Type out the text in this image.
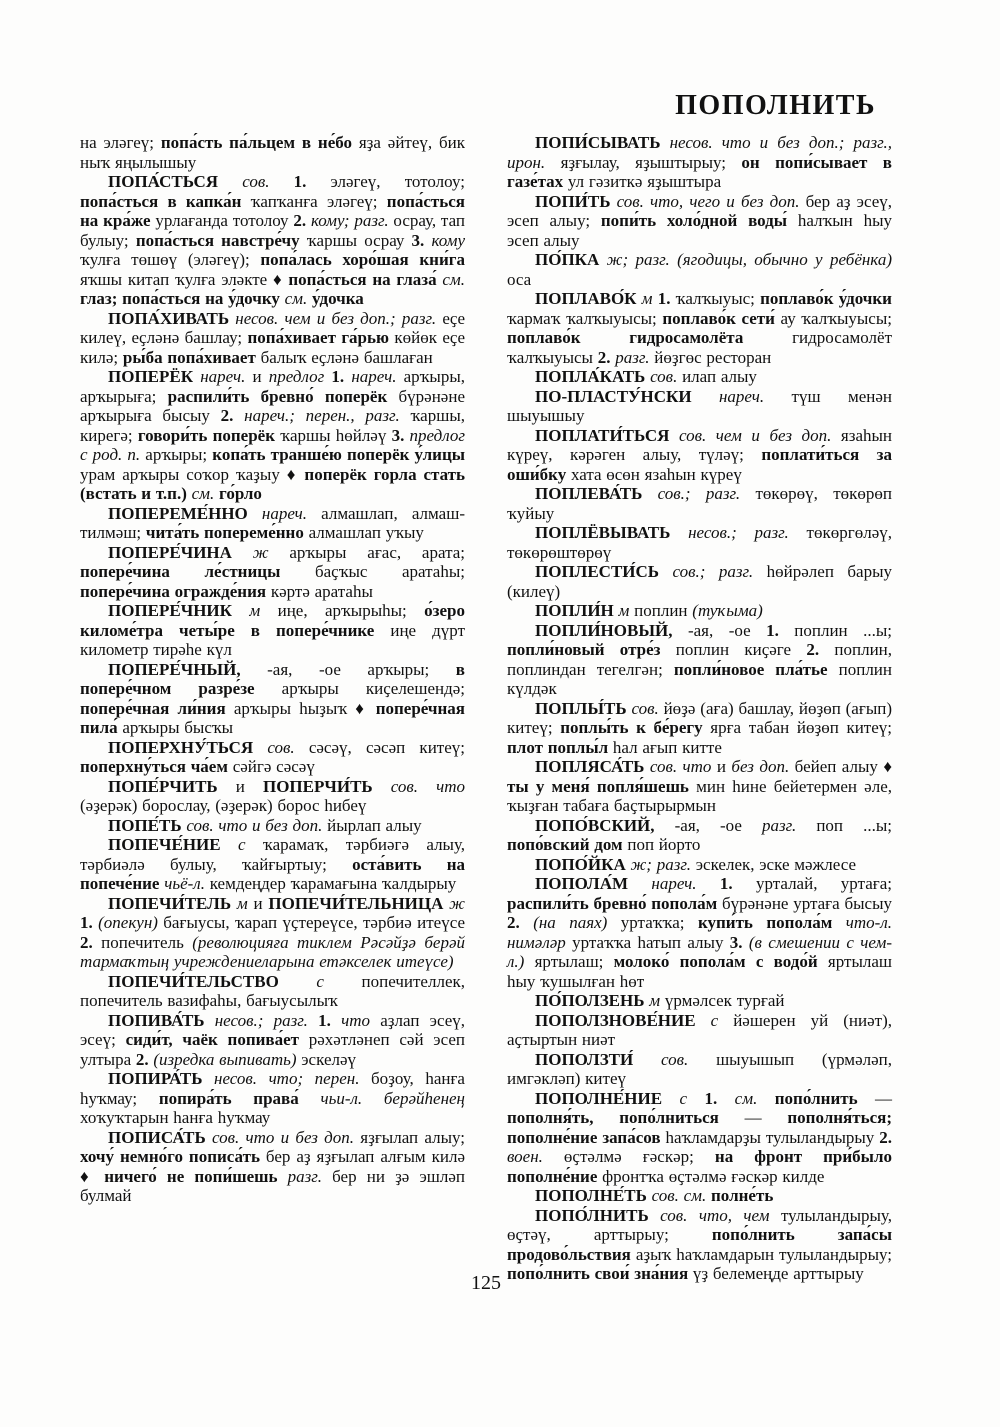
ПОПОЛНИТЬ

на эләгеү; попа́сть па́льцем в не́бо яҙа әйтеү, бик ныҡ яңылышыу

ПОПА́СТЬСЯ сов. 1. эләгеү, тотолоу; попа́сться в капка́н ҡапҡанға эләгеү; попа́сться на кра́же урлағанда тотолоу 2. кому; разг. осрау, тап булыу; попа́сться навстре́чу ҡаршы осрау 3. кому ҡулға төшөү (эләгеү); попа́лась хоро́шая кни́га яҡшы китап ҡулға эләкте ♦ попа́сться на глаза́ см. глаз; попа́сться на у́дочку см. у́дочка

ПОПА́ХИВАТЬ несов. чем и без доп.; разг. еҫе килеү, еҫләнә башлау; попа́хивает га́рью көйөк еҫе килә; ры́ба попа́хивает балыҡ еҫләнә башлаған

ПОПЕРЁК нареч. и предлог 1. нареч. арҡыры, арҡырыға; распили́ть бревно́ поперёк бүрәнәне арҡырыға бысыу 2. нареч.; перен., разг. ҡаршы, кирегә; говори́ть поперёк ҡаршы һөйләү 3. предлог с род. п. арҡыры; копа́ть транше́ю поперёк у́лицы урам арҡыры соҡор ҡаҙыу ♦ поперёк горла стать (встать и т.п.) см. го́рло

ПОПЕРЕМЕ́ННО нареч. алмашлап, алмаш-тилмәш; чита́ть попереме́нно алмашлап уҡыу

ПОПЕРЕ́ЧИНА ж арҡыры ағас, арата; попере́чина ле́стницы баҫҡыс аратаһы; попере́чина огражде́ния кәртә аратаһы

ПОПЕРЕ́ЧНИК м иңе, арҡырыһы; о́зеро киломе́тра четы́ре в попере́чнике иңе дүрт километр тирәһе күл

ПОПЕРЕ́ЧНЫЙ, -ая, -ое арҡыры; в попере́чном разре́зе арҡыры киҫелешендә; попере́чная ли́ния арҡыры һыҙыҡ ♦ попере́чная пила́ арҡыры бысҡы

ПОПЕРХНУ́ТЬСЯ сов. сәсәү, сәсәп китеү; поперхну́ться ча́ем сәйгә сәсәү

ПОПЕ́РЧИТЬ и ПОПЕРЧИ́ТЬ сов. что (әҙерәк) борослау, (әҙерәк) борос һибеү

ПОПЕ́ТЬ сов. что и без доп. йырлап алыу

ПОПЕЧЕ́НИЕ с ҡарамаҡ, тәрбиәгә алыу, тәрбиәлә булыу, ҡайғыртыу; оста́вить на попече́ние чьё-л. кемдеңдер ҡарамағына ҡалдырыу

ПОПЕЧИ́ТЕЛЬ м и ПОПЕЧИ́ТЕЛЬНИЦА ж 1. (опекун) бағыусы, ҡарап үҫтереүсе, тәрбиә итеүсе 2. попечитель (революцияға тиклем Рәсәйҙә берәй тармаҡтың учреждениеларына етәкселек итеүсе)

ПОПЕЧИ́ТЕЛЬСТВО с попечителлек, попечитель вазифаһы, бағыусылыҡ

ПОПИВА́ТЬ несов.; разг. 1. что аҙлап эсеү, эсеү; сиди́т, чаёк попива́ет рәхәтләнеп сәй эсеп ултыра 2. (изредка выпивать) эскеләү

ПОПИРА́ТЬ несов. что; перен. боҙоу, һанға һуҡмау; попира́ть права́ чьи-л. берәйһенең хоҡуҡтарын һанға һуҡмау

ПОПИСА́ТЬ сов. что и без доп. яҙғылап алыу; хочу́ немно́го пописа́ть бер аҙ яҙғылап алғым килә ♦ ничего́ не попи́шешь разг. бер ни ҙә эшләп булмай

ПОПИ́СЫВАТЬ несов. что и без доп.; разг., ирон. яҙғылау, яҙыштырыу; он попи́сывает в газе́тах ул гәзиткә яҙыштыра

ПОПИ́ТЬ сов. что, чего и без доп. бер аҙ эсеү, эсеп алыу; попи́ть холо́дной воды́ һалҡын һыу эсеп алыу

ПО́ПКА ж; разг. (ягодицы, обычно у ребёнка) оса

ПОПЛАВО́К м 1. ҡалҡыуыс; поплаво́к у́дочки ҡармаҡ ҡалҡыуысы; поплаво́к сети́ ау ҡалҡыуысы; поплаво́к гидросамолёта гидросамолёт ҡалҡыуысы 2. разг. йөҙгөс ресторан

ПОПЛА́КАТЬ сов. илап алыу

ПО-ПЛАСТУ́НСКИ нареч. түш менән шыуышыу

ПОПЛАТИ́ТЬСЯ сов. чем и без доп. язаһын күреү, кәрәген алыу, түләү; поплати́ться за оши́бку хата өсөн язаһын күреү

ПОПЛЕВА́ТЬ сов.; разг. төкөрөү, төкөрөп ҡуйыу

ПОПЛЁВЫВАТЬ несов.; разг. төкөргөләү, төкөрөштөрөү

ПОПЛЕСТИ́СЬ сов.; разг. һөйрәлеп барыу (килеү)

ПОПЛИ́Н м поплин (туҡыма)

ПОПЛИ́НОВЫЙ, -ая, -ое 1. поплин ...ы; попли́новый отре́з поплин киҫәге 2. поплин, поплиндан тегелгән; попли́новое пла́тье поплин күлдәк

ПОПЛЫ́ТЬ сов. йөҙә (аға) башлау, йөҙөп (ағып) китеү; поплы́ть к бе́регу ярға табан йөҙөп китеү; плот поплы́л һал ағып китте

ПОПЛЯСА́ТЬ сов. что и без доп. бейеп алыу ♦ ты у меня́ попля́шешь мин һине бейетермен әле, ҡыҙған табаға баҫтырырмын

ПОПО́ВСКИЙ, -ая, -ое разг. поп ...ы; попо́вский дом поп йорто

ПОПО́ЙКА ж; разг. эскелек, эске мәжлесе

ПОПОЛА́М нареч. 1. урталай, уртаға; распили́ть бревно́ попола́м бүрәнәне уртаға бысыу 2. (на паях) уртаҡҡа; купи́ть попола́м что-л. нимәләр уртаҡҡа һатып алыу 3. (в смешении с чем-л.) яртылаш; молоко́ попола́м с водо́й яртылаш һыу ҡушылған һөт

ПО́ПОЛЗЕНЬ м үрмәлсек турғай

ПОПОЛЗНОВЕ́НИЕ с йәшерен уй (ниәт), аҫтыртын ниәт

ПОПОЛЗТИ́ сов. шыуышып (үрмәләп, имгәкләп) китеү

ПОПОЛНЕ́НИЕ с 1. см. попо́лнить — пополня́ть, попо́лниться — пополня́ться; пополне́ние запа́сов һаҡламдарҙы тулыландырыу 2. воен. өҫтәлмә ғәскәр; на фронт при́было пополне́ние фронтҡа өҫтәлмә ғәскәр килде

ПОПОЛНЕ́ТЬ сов. см. полне́ть

ПОПО́ЛНИТЬ сов. что, чем тулыландырыу, өҫтәү, арттырыу; попо́лнить запа́сы продово́льствия аҙыҡ һаҡламдарын тулыландырыу; попо́лнить свои́ зна́ния үҙ белемеңде арттырыу

125
